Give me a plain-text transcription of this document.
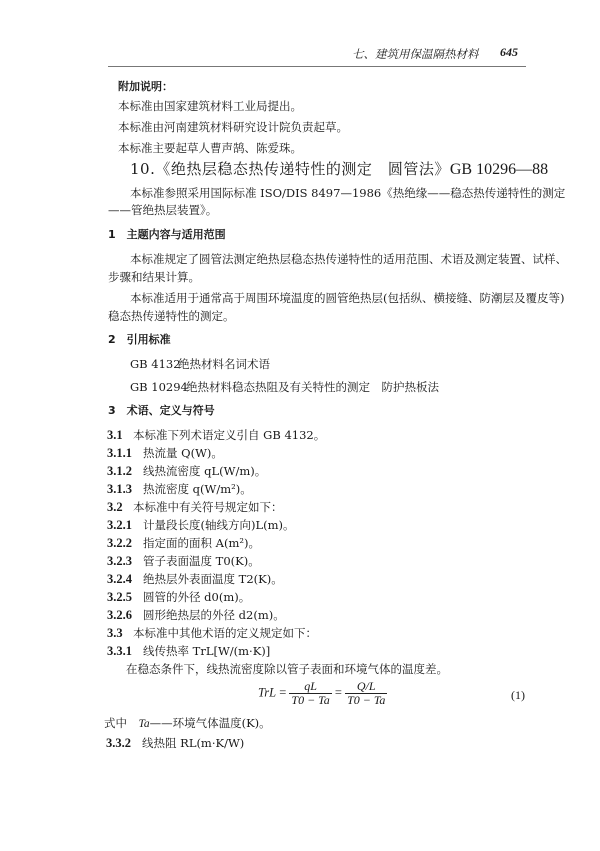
七、建筑用保温隔热材料 645
附加说明：
本标准由国家建筑材料工业局提出。
本标准由河南建筑材料研究设计院负责起草。
本标准主要起草人曹声鹄、陈爱珠。
10.《绝热层稳态热传递特性的测定　圆管法》GB 10296—88
本标准参照采用国际标准 ISO/DIS 8497—1986《热绝缘——稳态热传递特性的测定
——管绝热层装置》。
1　主题内容与适用范围
本标准规定了圆管法测定绝热层稳态热传递特性的适用范围、术语及测定装置、试样、
步骤和结果计算。
本标准适用于通常高于周围环境温度的圆管绝热层(包括纵、横接缝、防潮层及覆皮等)
稳态热传递特性的测定。
2　引用标准
GB 4132绝热材料名词术语
GB 10294绝热材料稳态热阻及有关特性的测定　防护热板法
3　术语、定义与符号
3.1 本标准下列术语定义引自 GB 4132。
3.1.1 热流量 Q(W)。
3.1.2 线热流密度 qL(W/m)。
3.1.3 热流密度 q(W/m²)。
3.2 本标准中有关符号规定如下：
3.2.1 计量段长度(轴线方向)L(m)。
3.2.2 指定面的面积 A(m²)。
3.2.3 管子表面温度 T0(K)。
3.2.4 绝热层外表面温度 T2(K)。
3.2.5 圆管的外径 d0(m)。
3.2.6 圆形绝热层的外径 d2(m)。
3.3 本标准中其他术语的定义规定如下：
3.3.1 线传热率 TrL[W/(m·K)]
在稳态条件下，线热流密度除以管子表面和环境气体的温度差。
TrL = $\frac{qL}{T0 - Ta} = \frac{Q/L}{T0 - Ta}$	(1)
式中　 Ta——环境气体温度(K)。
3.3.2 线热阻 RL(m·K/W)
